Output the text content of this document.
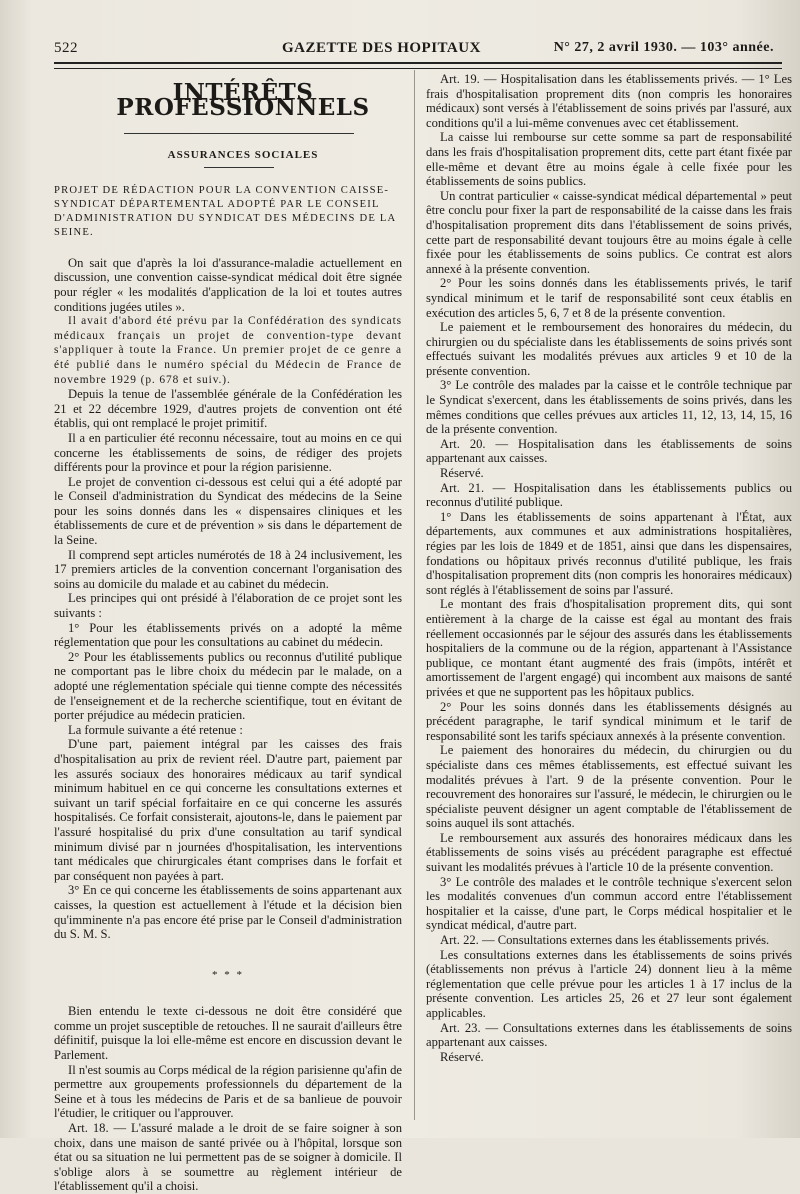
522	GAZETTE DES HOPITAUX	N° 27, 2 avril 1930. — 103° année.
INTÉRÊTS PROFESSIONNELS
ASSURANCES SOCIALES
PROJET DE RÉDACTION POUR LA CONVENTION CAISSE-SYNDICAT DÉPARTEMENTAL ADOPTÉ PAR LE CONSEIL D'ADMINISTRATION DU SYNDICAT DES MÉDECINS DE LA SEINE.

On sait que d'après la loi d'assurance-maladie actuellement en discussion, une convention caisse-syndicat médical doit être signée pour régler « les modalités d'application de la loi et toutes autres conditions jugées utiles ».

Il avait d'abord été prévu par la Confédération des syndicats médicaux français un projet de convention-type devant s'appliquer à toute la France. Un premier projet de ce genre a été publié dans le numéro spécial du Médecin de France de novembre 1929 (p. 678 et suiv.).

Depuis la tenue de l'assemblée générale de la Confédération les 21 et 22 décembre 1929, d'autres projets de convention ont été établis, qui ont remplacé le projet primitif.

Il a en particulier été reconnu nécessaire, tout au moins en ce qui concerne les établissements de soins, de rédiger des projets différents pour la province et pour la région parisienne.

Le projet de convention ci-dessous est celui qui a été adopté par le Conseil d'administration du Syndicat des médecins de la Seine pour les soins donnés dans les « dispensaires cliniques et les établissements de cure et de prévention » sis dans le département de la Seine.

Il comprend sept articles numérotés de 18 à 24 inclusivement, les 17 premiers articles de la convention concernant l'organisation des soins au domicile du malade et au cabinet du médecin.

Les principes qui ont présidé à l'élaboration de ce projet sont les suivants :

1° Pour les établissements privés on a adopté la même réglementation que pour les consultations au cabinet du médecin.

2° Pour les établissements publics ou reconnus d'utilité publique ne comportant pas le libre choix du médecin par le malade, on a adopté une réglementation spéciale qui tienne compte des nécessités de l'enseignement et de la recherche scientifique, tout en évitant de porter préjudice au médecin praticien.

La formule suivante a été retenue :

D'une part, paiement intégral par les caisses des frais d'hospitalisation au prix de revient réel. D'autre part, paiement par les assurés sociaux des honoraires médicaux au tarif syndical minimum habituel en ce qui concerne les consultations externes et suivant un tarif spécial forfaitaire en ce qui concerne les assurés hospitalisés. Ce forfait consisterait, ajoutons-le, dans le paiement par l'assuré hospitalisé du prix d'une consultation au tarif syndical minimum divisé par n journées d'hospitalisation, les interventions tant médicales que chirurgicales étant comprises dans le forfait et par conséquent non payées à part.

3° En ce qui concerne les établissements de soins appartenant aux caisses, la question est actuellement à l'étude et la décision bien qu'imminente n'a pas encore été prise par le Conseil d'administration du S. M. S.

* * *

Bien entendu le texte ci-dessous ne doit être considéré que comme un projet susceptible de retouches. Il ne saurait d'ailleurs être définitif, puisque la loi elle-même est encore en discussion devant le Parlement.

Il n'est soumis au Corps médical de la région parisienne qu'afin de permettre aux groupements professionnels du département de la Seine et à tous les médecins de Paris et de sa banlieue de pouvoir l'étudier, le critiquer ou l'approuver.

Art. 18. — L'assuré malade a le droit de se faire soigner à son choix, dans une maison de santé privée ou à l'hôpital, lorsque son état ou sa situation ne lui permettent pas de se soigner à domicile. Il s'oblige alors à se soumettre au règlement intérieur de l'établissement qu'il a choisi.

Art. 19. — Hospitalisation dans les établissements privés. — 1° Les frais d'hospitalisation proprement dits (non compris les honoraires médicaux) sont versés à l'établissement de soins privés par l'assuré, aux conditions qu'il a lui-même convenues avec cet établissement.

La caisse lui rembourse sur cette somme sa part de responsabilité dans les frais d'hospitalisation proprement dits, cette part étant fixée par elle-même et devant être au moins égale à celle fixée pour les établissements de soins publics.

Un contrat particulier « caisse-syndicat médical départemental » peut être conclu pour fixer la part de responsabilité de la caisse dans les frais d'hospitalisation proprement dits dans l'établissement de soins privés, cette part de responsabilité devant toujours être au moins égale à celle fixée pour les établissements de soins publics. Ce contrat est alors annexé à la présente convention.

2° Pour les soins donnés dans les établissements privés, le tarif syndical minimum et le tarif de responsabilité sont ceux établis en exécution des articles 5, 6, 7 et 8 de la présente convention.

Le paiement et le remboursement des honoraires du médecin, du chirurgien ou du spécialiste dans les établissements de soins privés sont effectués suivant les modalités prévues aux articles 9 et 10 de la présente convention.

3° Le contrôle des malades par la caisse et le contrôle technique par le Syndicat s'exercent, dans les établissements de soins privés, dans les mêmes conditions que celles prévues aux articles 11, 12, 13, 14, 15, 16 de la présente convention.

Art. 20. — Hospitalisation dans les établissements de soins appartenant aux caisses.

Réservé.

Art. 21. — Hospitalisation dans les établissements publics ou reconnus d'utilité publique.

1° Dans les établissements de soins appartenant à l'État, aux départements, aux communes et aux administrations hospitalières, régies par les lois de 1849 et de 1851, ainsi que dans les dispensaires, fondations ou hôpitaux privés reconnus d'utilité publique, les frais d'hospitalisation proprement dits (non compris les honoraires médicaux) sont réglés à l'établissement de soins par l'assuré.

Le montant des frais d'hospitalisation proprement dits, qui sont entièrement à la charge de la caisse est égal au montant des frais réellement occasionnés par le séjour des assurés dans les établissements hospitaliers de la commune ou de la région, appartenant à l'Assistance publique, ce montant étant augmenté des frais (impôts, intérêt et amortissement de l'argent engagé) qui incombent aux maisons de santé privées et que ne supportent pas les hôpitaux publics.

2° Pour les soins donnés dans les établissements désignés au précédent paragraphe, le tarif syndical minimum et le tarif de responsabilité sont les tarifs spéciaux annexés à la présente convention.

Le paiement des honoraires du médecin, du chirurgien ou du spécialiste dans ces mêmes établissements, est effectué suivant les modalités prévues à l'art. 9 de la présente convention. Pour le recouvrement des honoraires sur l'assuré, le médecin, le chirurgien ou le spécialiste peuvent désigner un agent comptable de l'établissement de soins auquel ils sont attachés.

Le remboursement aux assurés des honoraires médicaux dans les établissements de soins visés au précédent paragraphe est effectué suivant les modalités prévues à l'article 10 de la présente convention.

3° Le contrôle des malades et le contrôle technique s'exercent selon les modalités convenues d'un commun accord entre l'établissement hospitalier et la caisse, d'une part, le Corps médical hospitalier et le syndicat médical, d'autre part.

Art. 22. — Consultations externes dans les établissements privés.

Les consultations externes dans les établissements de soins privés (établissements non prévus à l'article 24) donnent lieu à la même réglementation que celle prévue pour les articles 1 à 17 inclus de la présente convention. Les articles 25, 26 et 27 leur sont également applicables.

Art. 23. — Consultations externes dans les établissements de soins appartenant aux caisses.

Réservé.
